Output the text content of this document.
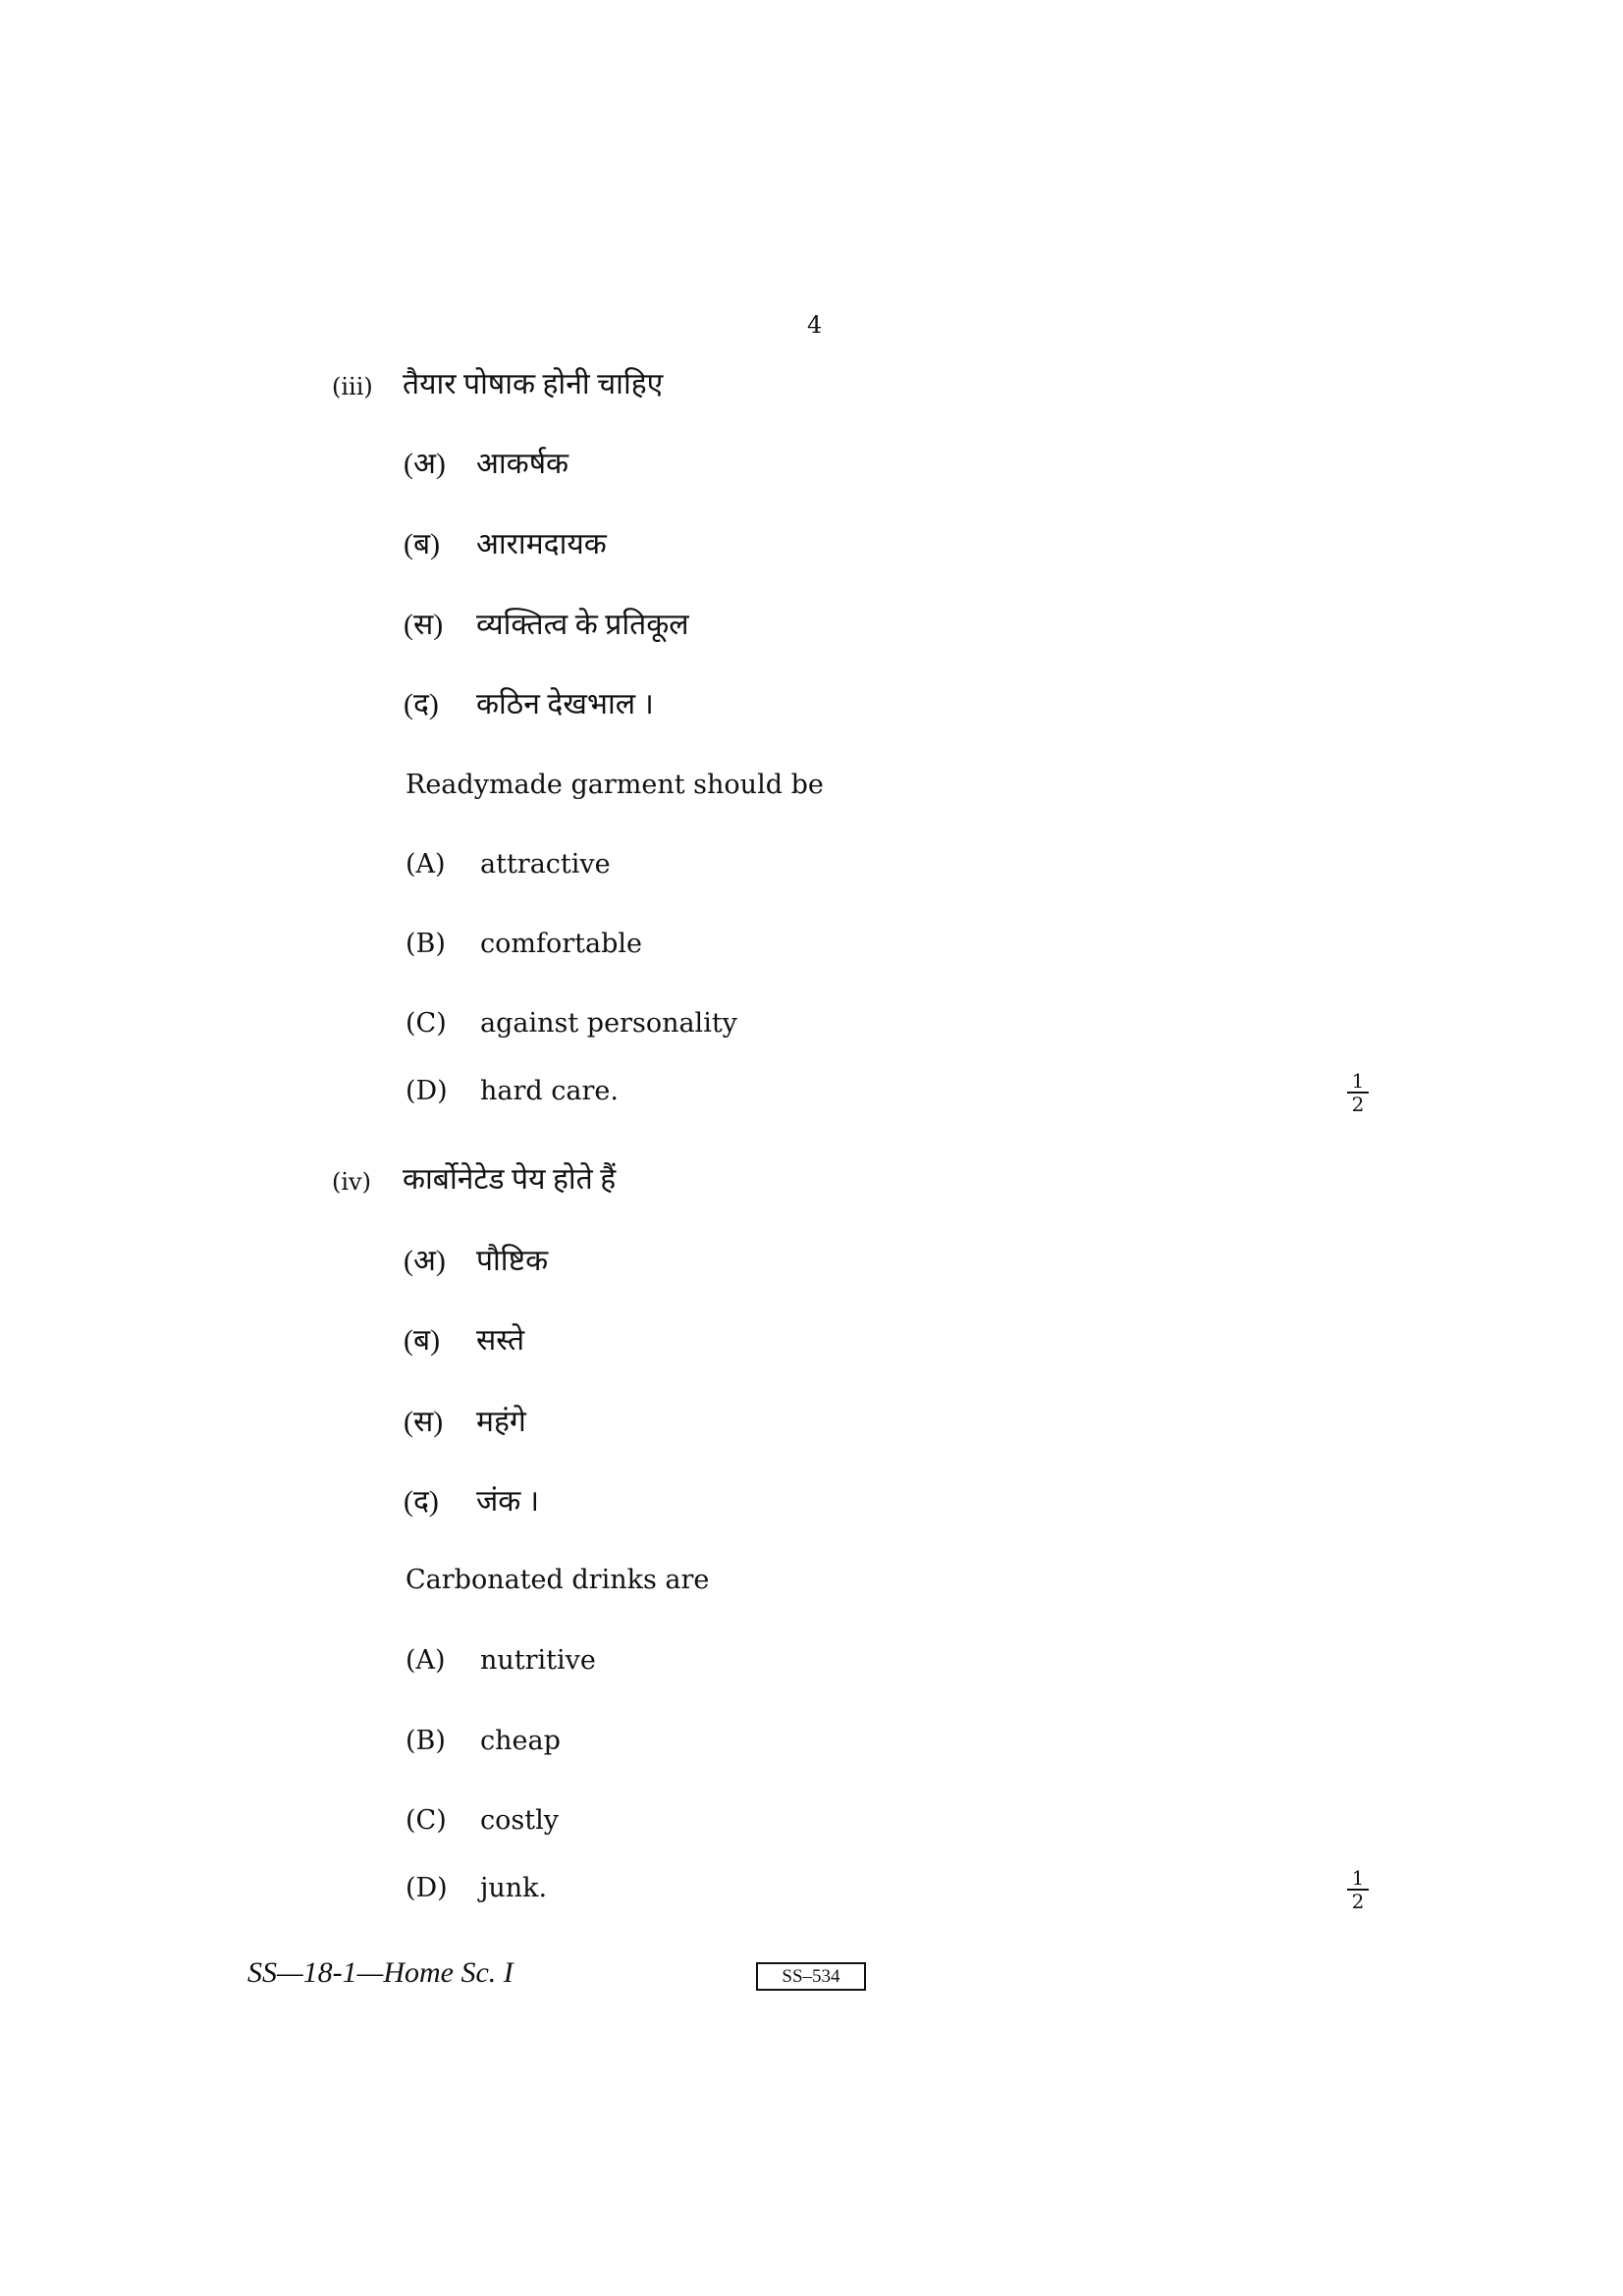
4
(iii) तैयार पोषाक होनी चाहिए
(अ) आकर्षक
(ब) आरामदायक
(स) व्यक्तित्व के प्रतिकूल
(द) कठिन देखभाल ।
Readymade garment should be
(A) attractive
(B) comfortable
(C) against personality
(D) hard care.	1
2
(iv) कार्बोनेटेड पेय होते हैं
(अ) पौष्टिक
(ब) सस्ते
(स) महंगे
(द) जंक ।
Carbonated drinks are
(A) nutritive
(B) cheap
(C) costly
(D) junk.	1
2
SS—18-1—Home Sc. I	SS–534
